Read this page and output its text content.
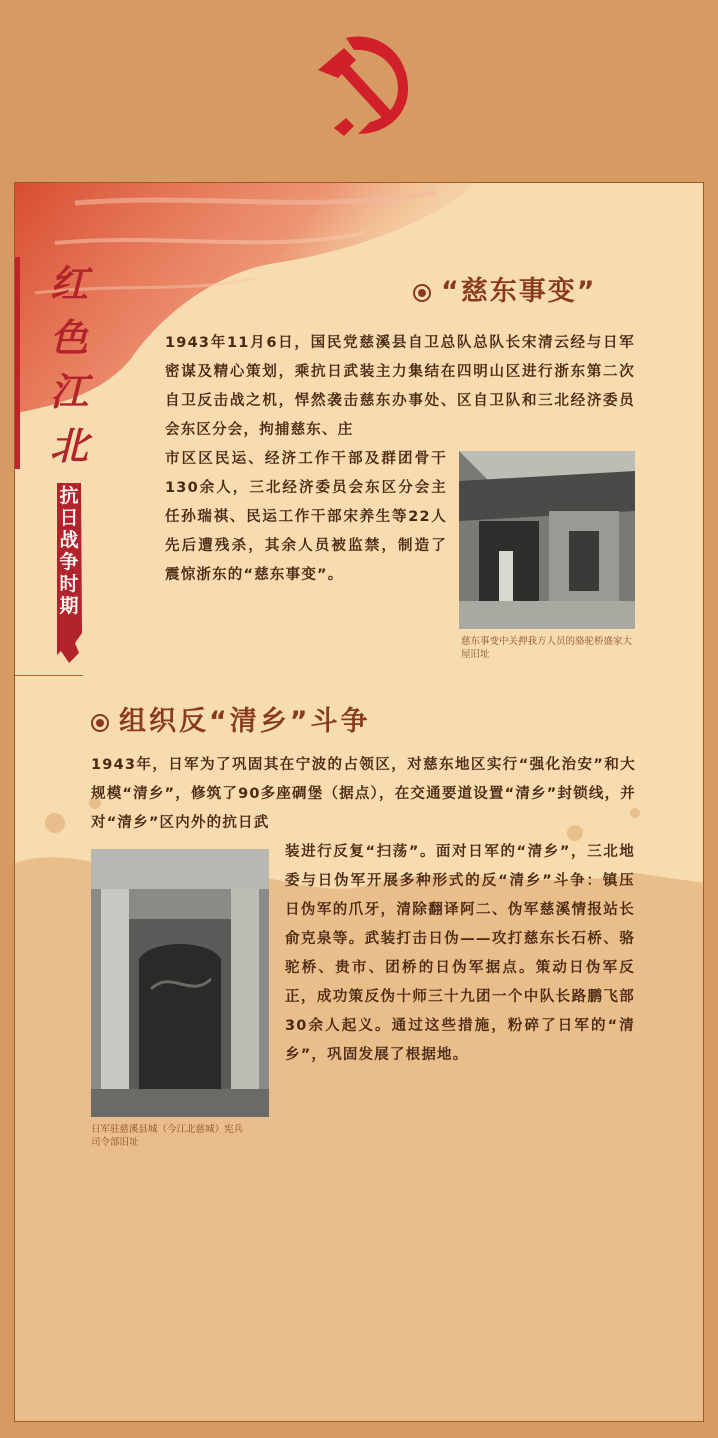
红
色
江
北
抗
日
战
争
时
期
“慈东事变”

1943年11月6日，国民党慈溪县自卫总队总队长宋清云经与日军密谋及精心策划，乘抗日武装主力集结在四明山区进行浙东第二次自卫反击战之机，悍然袭击慈东办事处、区自卫队和三北经济委员会东区分会，拘捕慈东、庄

市区区民运、经济工作干部及群团骨干130余人，三北经济委员会东区分会主任孙瑞祺、民运工作干部宋养生等22人先后遭残杀，其余人员被监禁，制造了震惊浙东的“慈东事变”。

慈东事变中关押我方人员的骆驼桥盛家大屋旧址
组织反“清乡”斗争

1943年，日军为了巩固其在宁波的占领区，对慈东地区实行“强化治安”和大规模“清乡”，修筑了90多座碉堡（据点），在交通要道设置“清乡”封锁线，并对“清乡”区内外的抗日武

装进行反复“扫荡”。面对日军的“清乡”，三北地委与日伪军开展多种形式的反“清乡”斗争：镇压日伪军的爪牙，清除翻译阿二、伪军慈溪情报站长俞克泉等。武装打击日伪——攻打慈东长石桥、骆驼桥、贵市、团桥的日伪军据点。策动日伪军反正，成功策反伪十师三十九团一个中队长路鹏飞部30余人起义。通过这些措施，粉碎了日军的“清乡”，巩固发展了根据地。

日军驻慈溪县城（今江北慈城）宪兵司令部旧址
